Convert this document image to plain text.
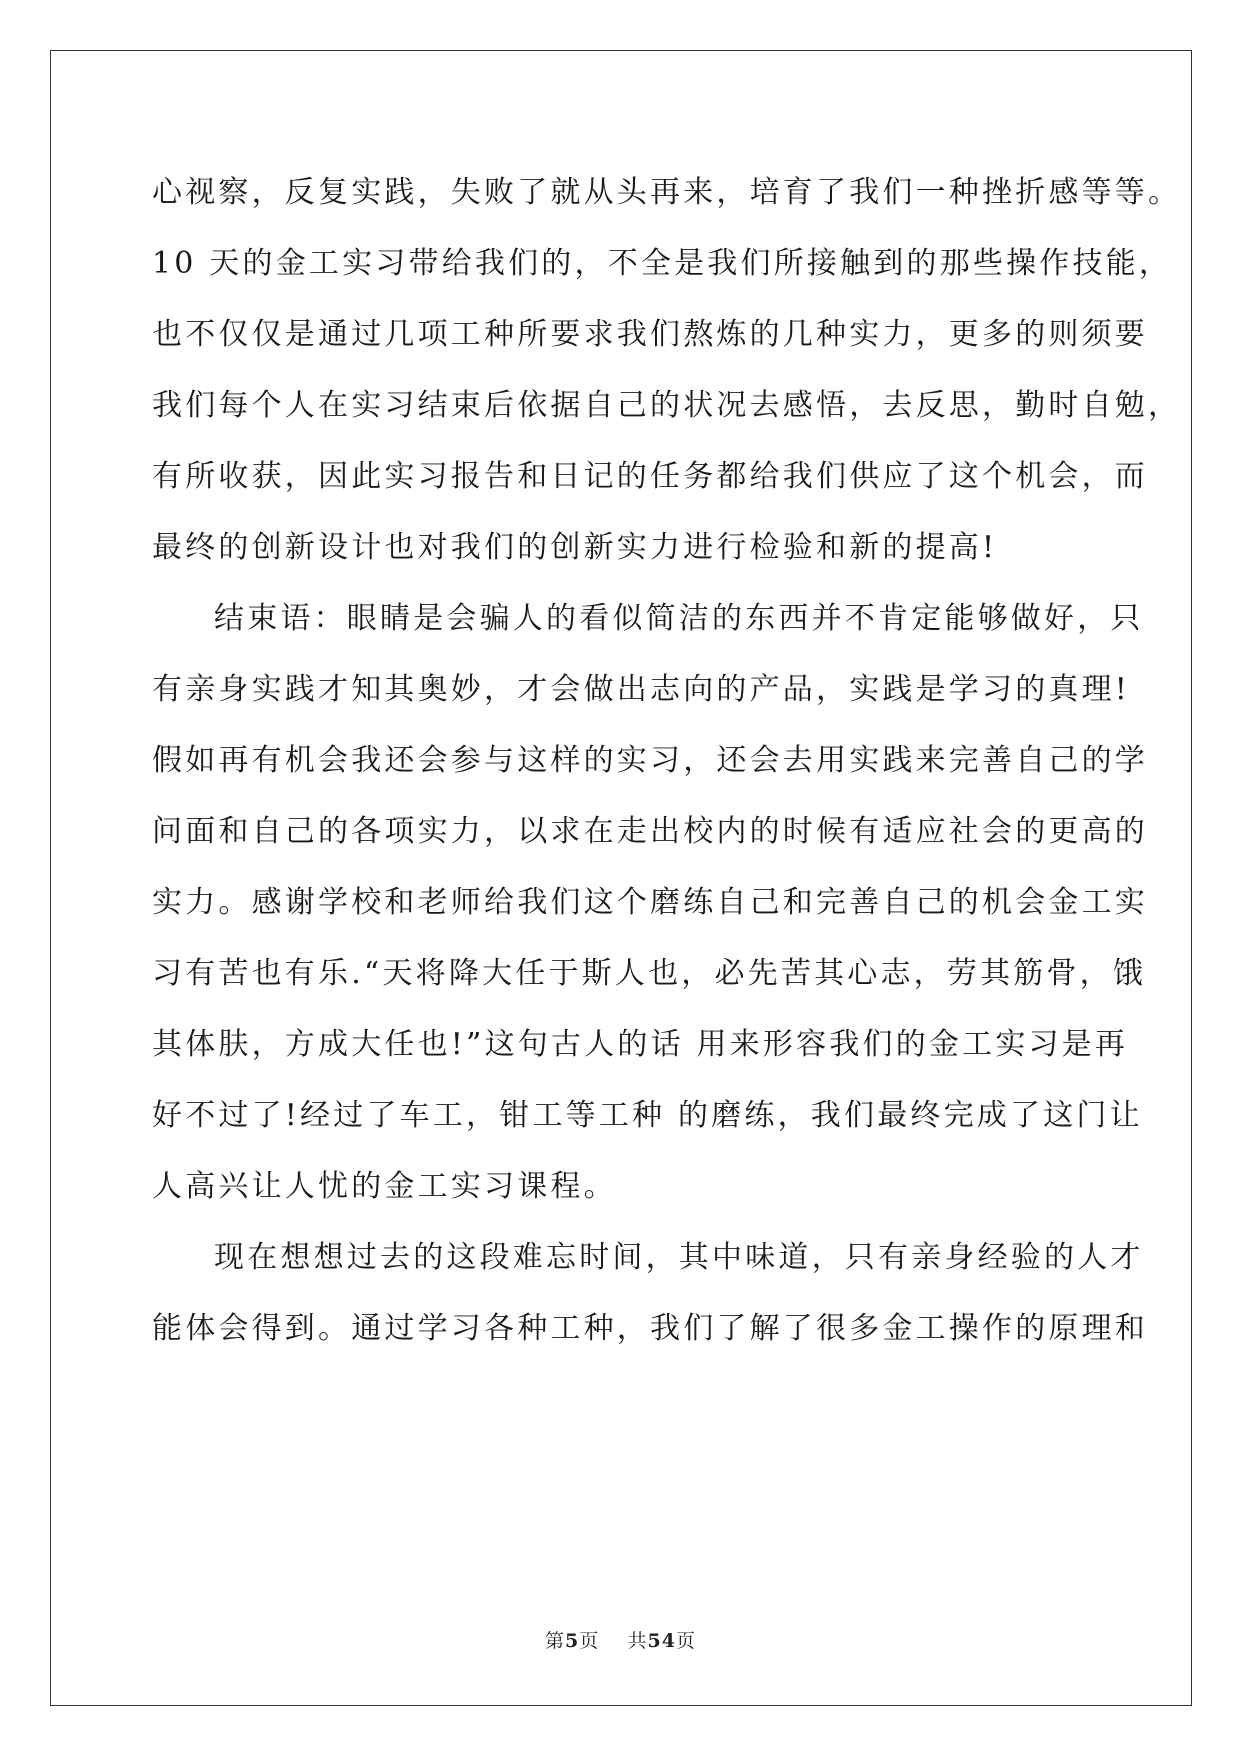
心视察，反复实践，失败了就从头再来，培育了我们一种挫折感等等。
10 天的金工实习带给我们的，不全是我们所接触到的那些操作技能，
也不仅仅是通过几项工种所要求我们熬炼的几种实力，更多的则须要
我们每个人在实习结束后依据自己的状况去感悟，去反思，勤时自勉，
有所收获，因此实习报告和日记的任务都给我们供应了这个机会，而
最终的创新设计也对我们的创新实力进行检验和新的提高!
结束语：眼睛是会骗人的看似简洁的东西并不肯定能够做好，只
有亲身实践才知其奥妙，才会做出志向的产品，实践是学习的真理!
假如再有机会我还会参与这样的实习，还会去用实践来完善自己的学
问面和自己的各项实力，以求在走出校内的时候有适应社会的更高的
实力。感谢学校和老师给我们这个磨练自己和完善自己的机会金工实
习有苦也有乐.“天将降大任于斯人也，必先苦其心志，劳其筋骨，饿
其体肤，方成大任也!”这句古人的话 用来形容我们的金工实习是再
好不过了!经过了车工，钳工等工种 的磨练，我们最终完成了这门让
人高兴让人忧的金工实习课程。
现在想想过去的这段难忘时间，其中味道，只有亲身经验的人才
能体会得到。通过学习各种工种，我们了解了很多金工操作的原理和
第5页 共54页
